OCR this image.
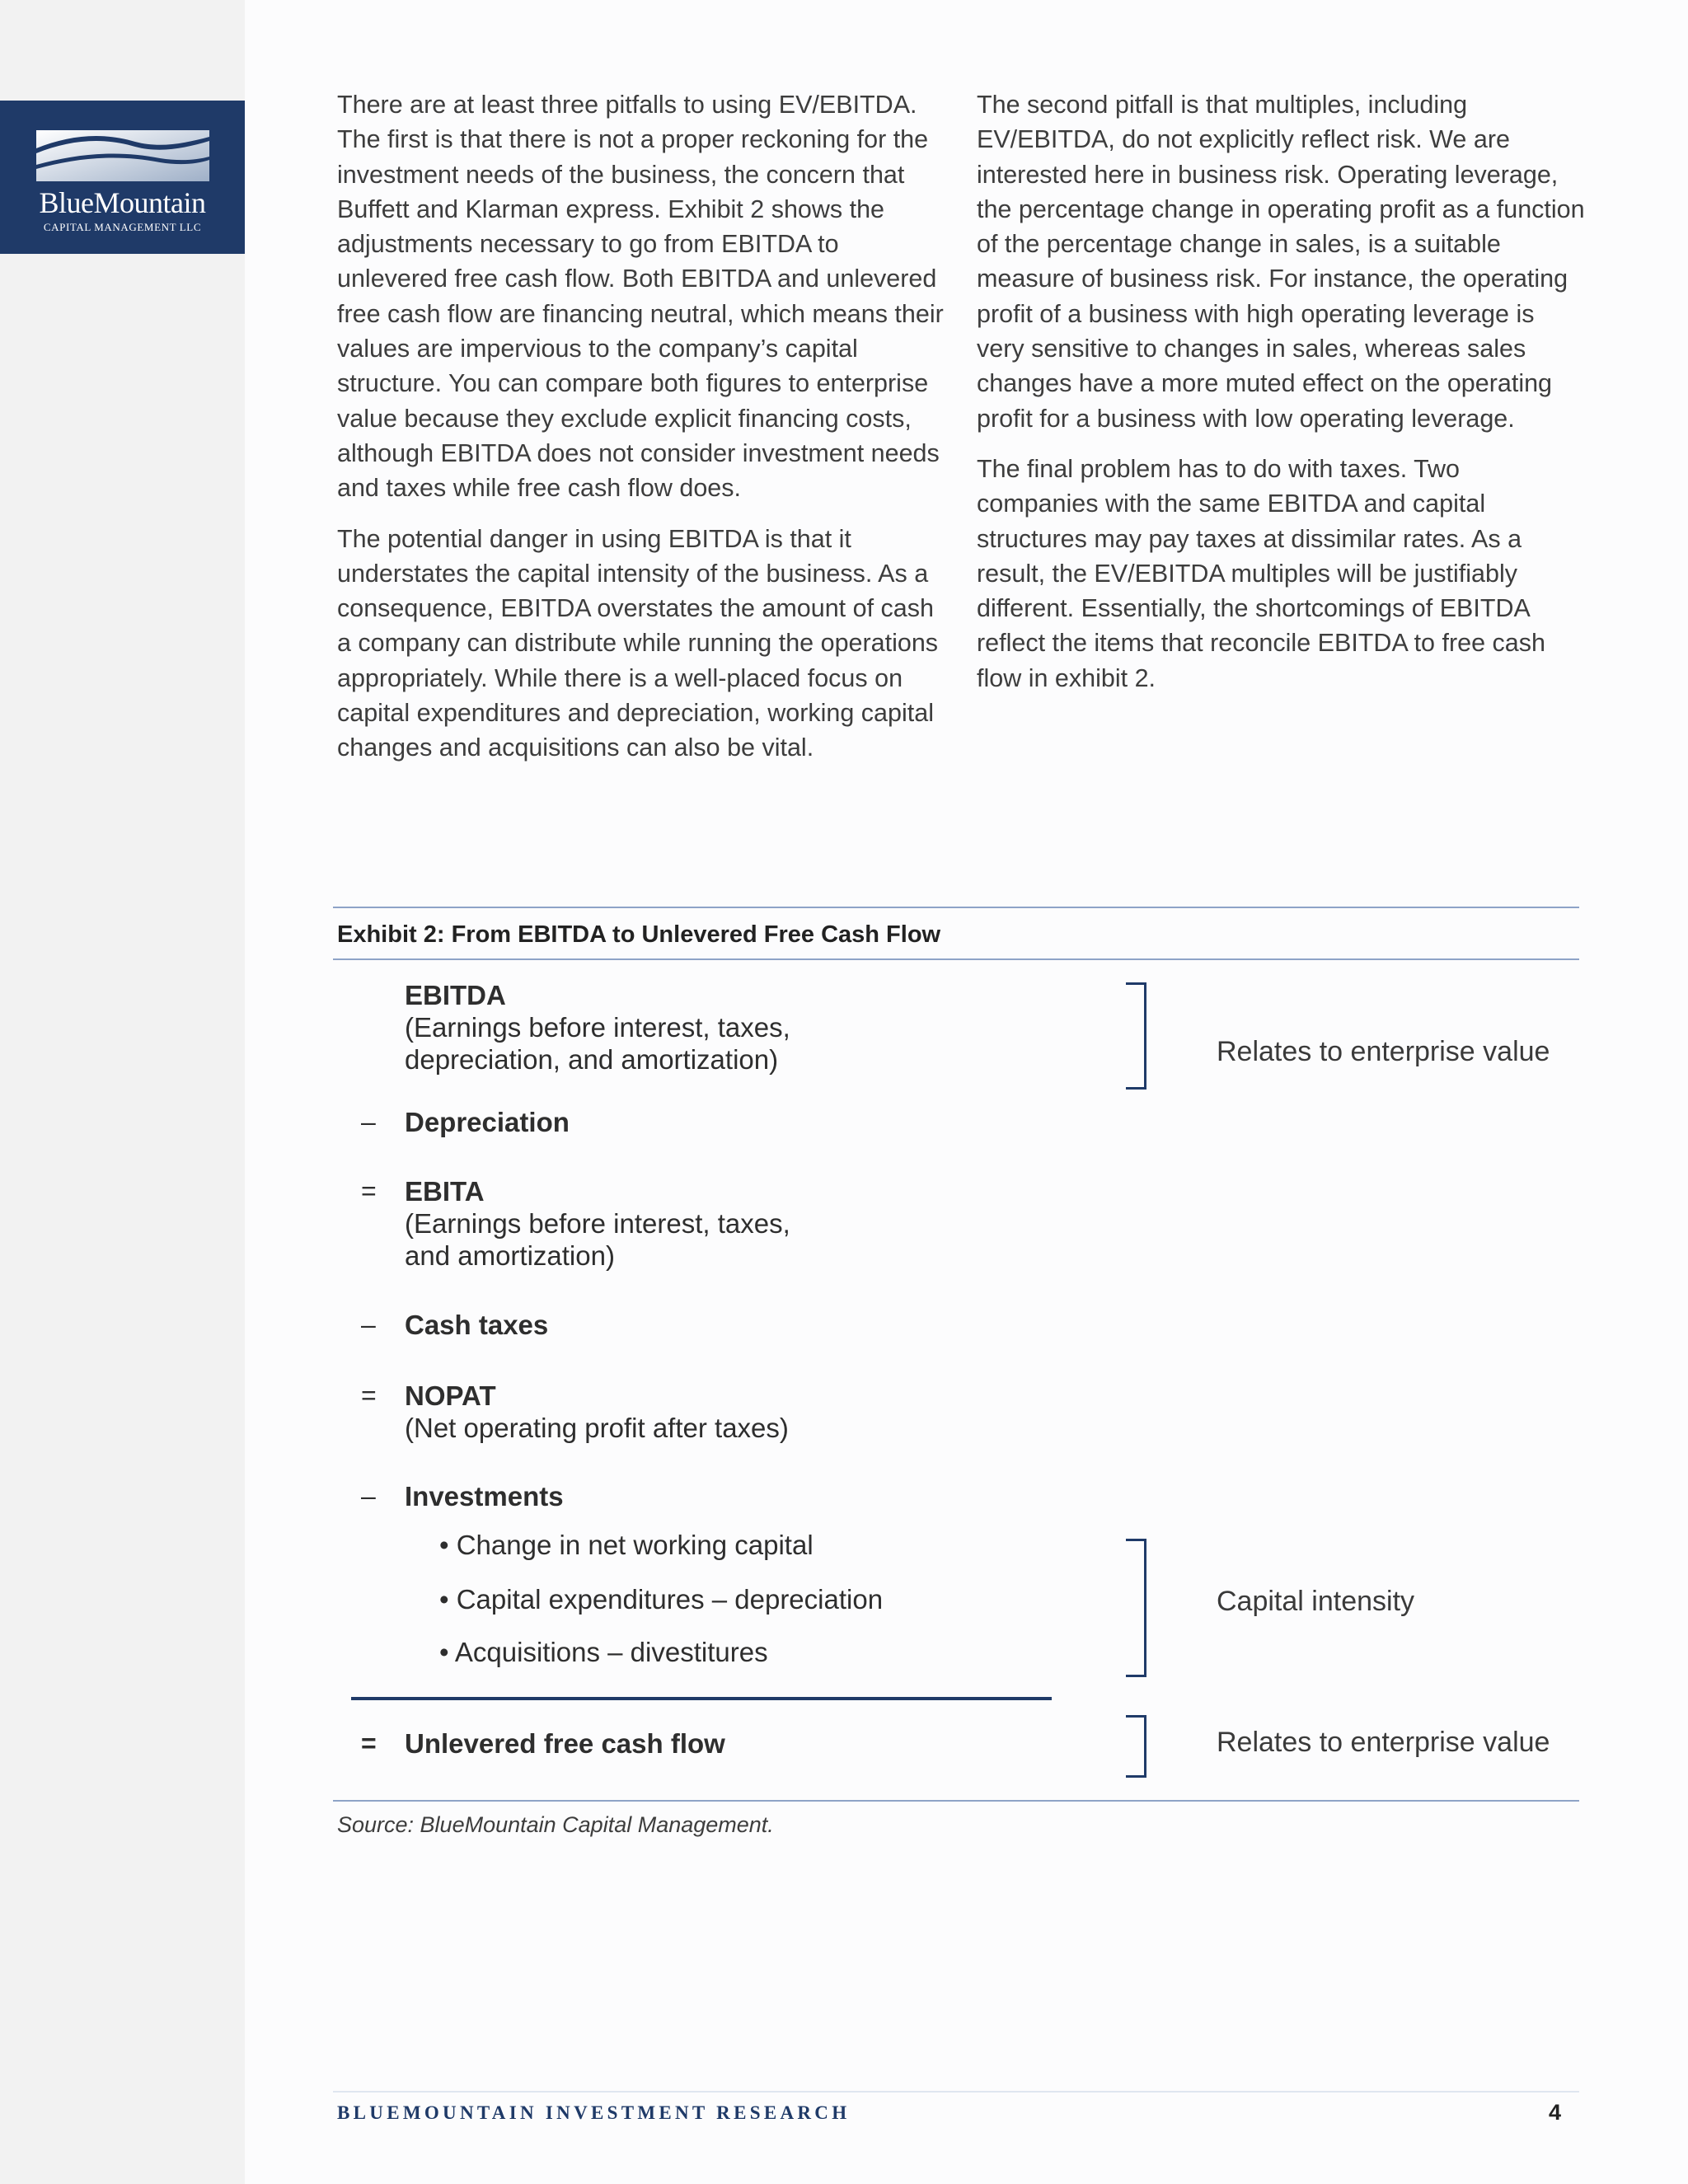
BlueMountain
CAPITAL MANAGEMENT LLC

There are at least three pitfalls to using EV/EBITDA. The first is that there is not a proper reckoning for the investment needs of the business, the concern that Buffett and Klarman express. Exhibit 2 shows the adjustments necessary to go from EBITDA to unlevered free cash flow. Both EBITDA and unlevered free cash flow are financing neutral, which means their values are impervious to the company’s capital structure. You can compare both figures to enterprise value because they exclude explicit financing costs, although EBITDA does not consider investment needs and taxes while free cash flow does.

The potential danger in using EBITDA is that it understates the capital intensity of the business. As a consequence, EBITDA overstates the amount of cash a company can distribute while running the operations appropriately. While there is a well-placed focus on capital expenditures and depreciation, working capital changes and acquisitions can also be vital.

The second pitfall is that multiples, including EV/EBITDA, do not explicitly reflect risk. We are interested here in business risk. Operating leverage, the percentage change in operating profit as a function of the percentage change in sales, is a suitable measure of business risk. For instance, the operating profit of a business with high operating leverage is very sensitive to changes in sales, whereas sales changes have a more muted effect on the operating profit for a business with low operating leverage.

The final problem has to do with taxes. Two companies with the same EBITDA and capital structures may pay taxes at dissimilar rates. As a result, the EV/EBITDA multiples will be justifiably different. Essentially, the shortcomings of EBITDA reflect the items that reconcile EBITDA to free cash flow in exhibit 2.

Exhibit 2: From EBITDA to Unlevered Free Cash Flow
EBITDA
(Earnings before interest, taxes,
depreciation, and amortization)	Relates to enterprise value
– Depreciation
= EBITA
(Earnings before interest, taxes,
and amortization)
– Cash taxes
= NOPAT
(Net operating profit after taxes)
– Investments
• Change in net working capital
• Capital expenditures – depreciation
• Acquisitions – divestitures
Capital intensity
= Unlevered free cash flow	Relates to enterprise value
Source: BlueMountain Capital Management.
BLUEMOUNTAIN INVESTMENT RESEARCH	4
